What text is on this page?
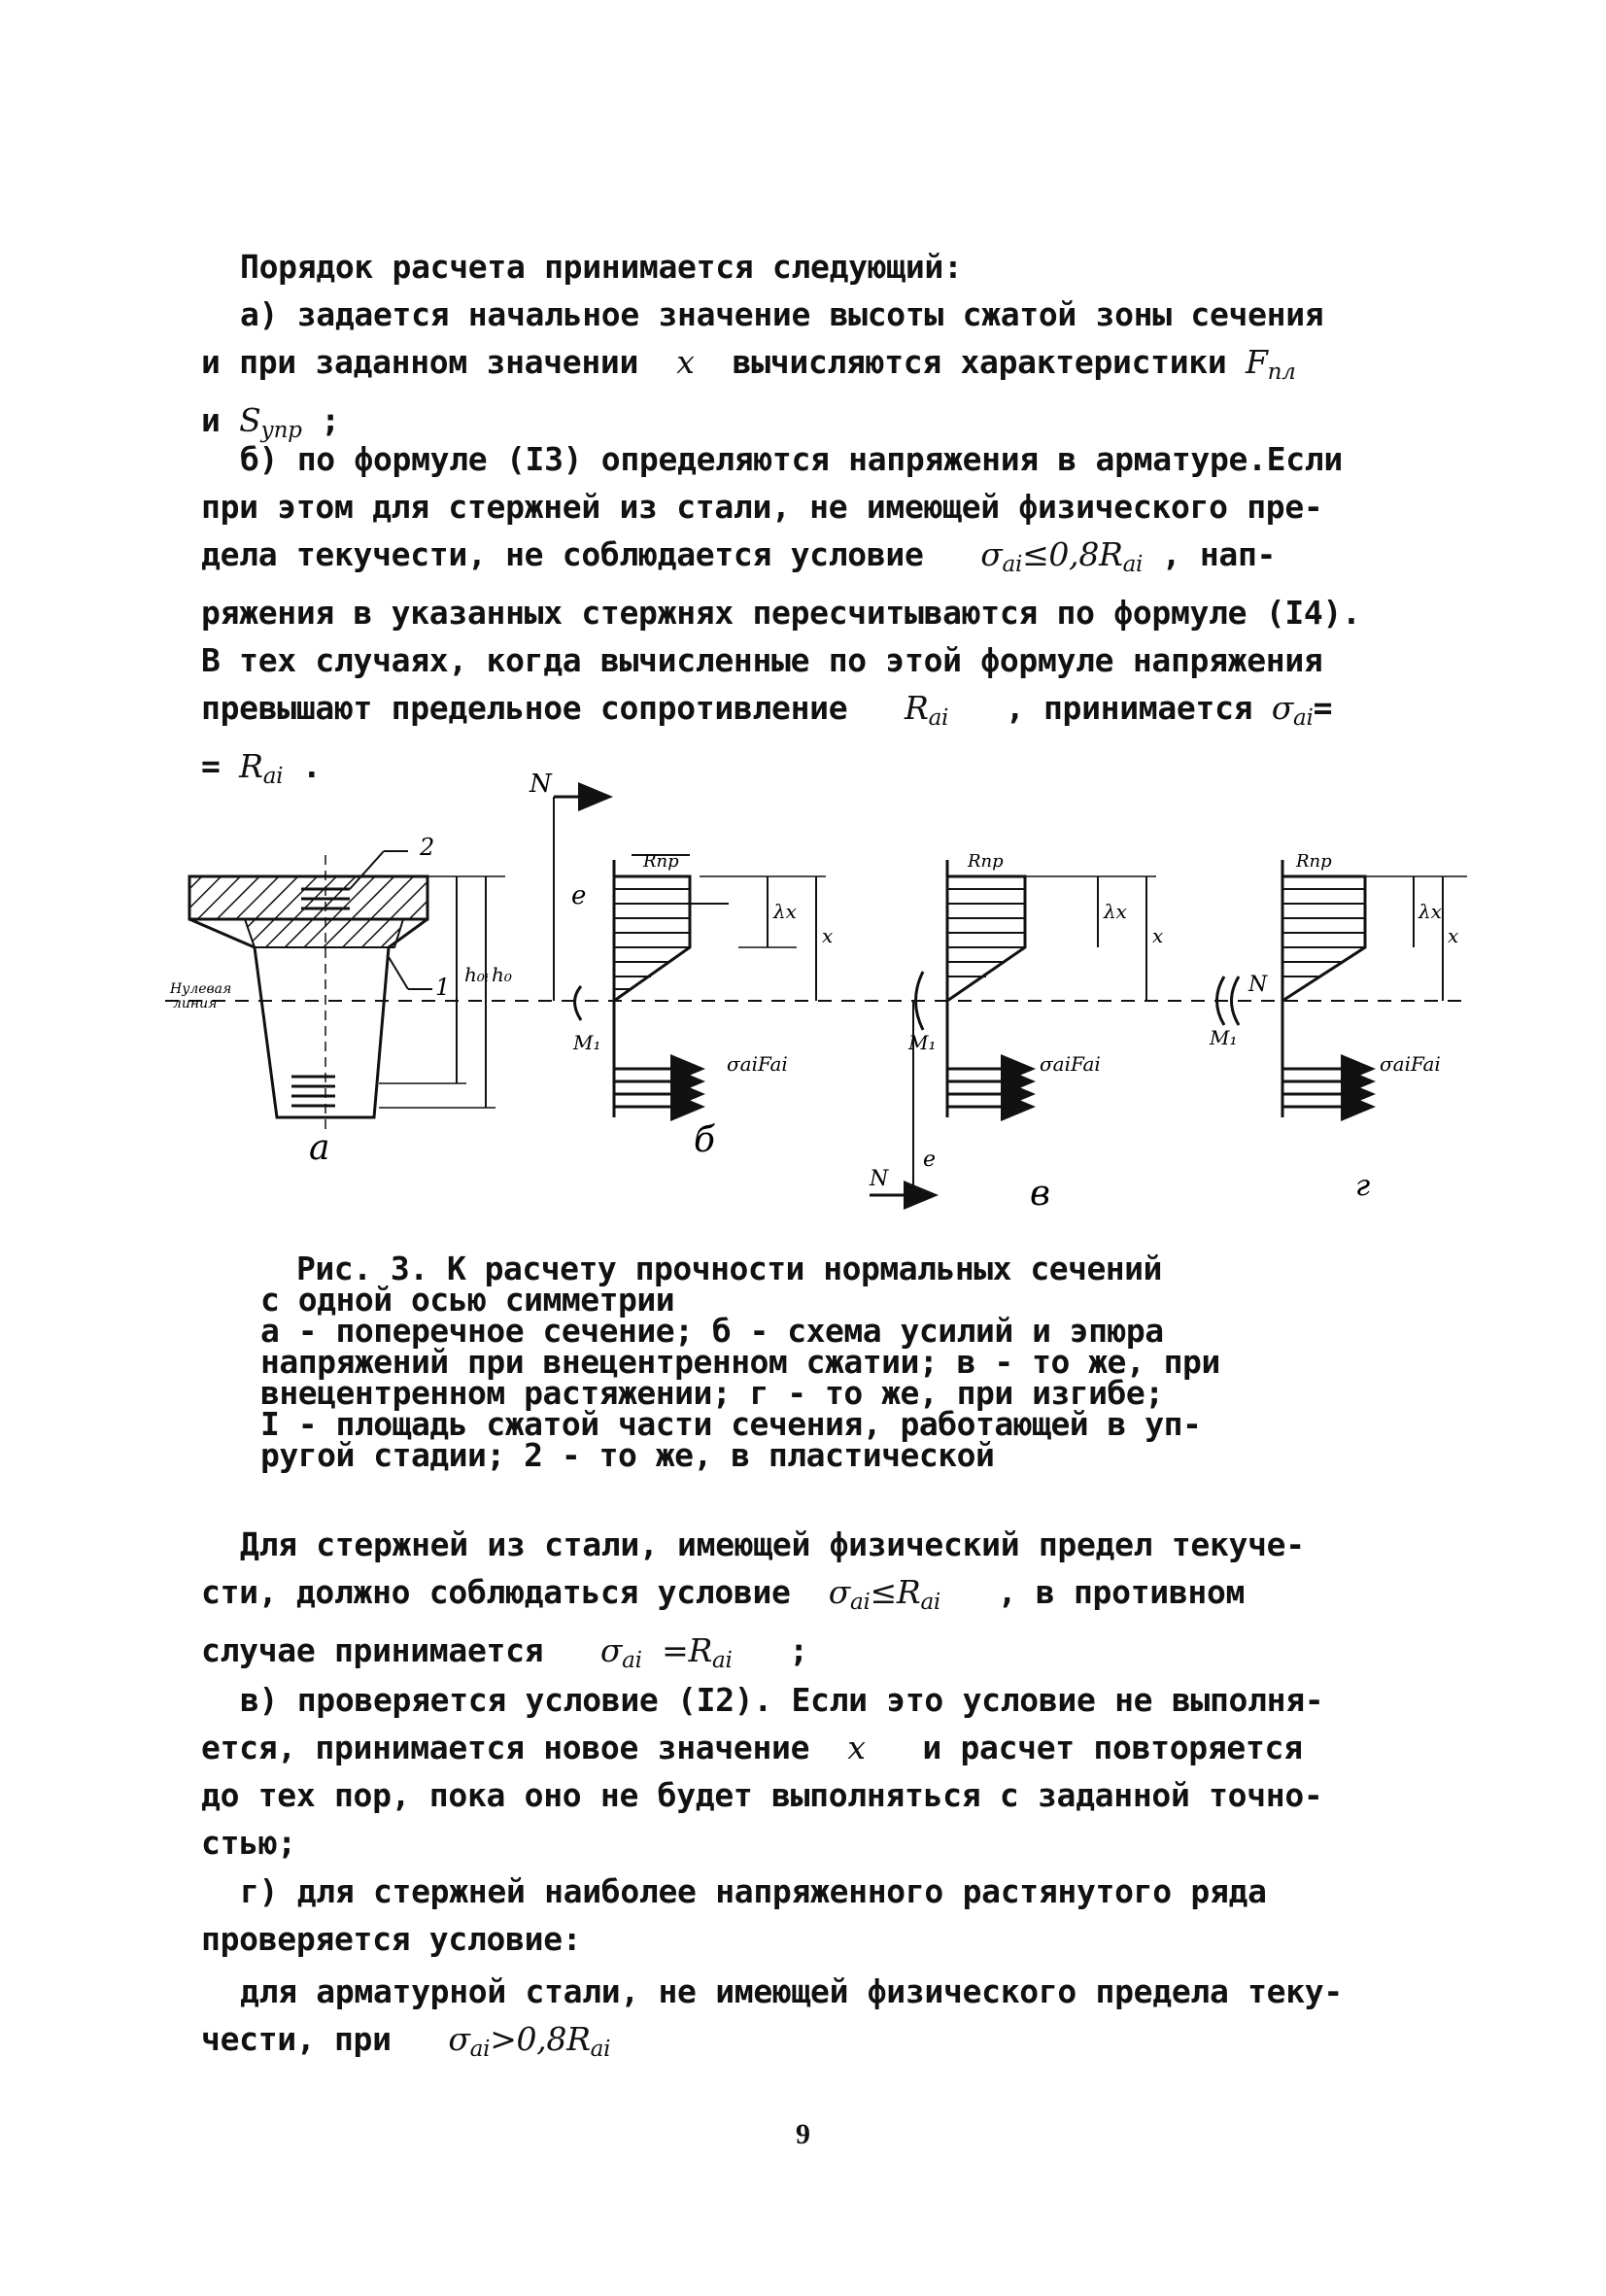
Порядок расчета принимается следующий:
а) задается начальное значение высоты сжатой зоны сечения
и при заданном значении x вычисляются характеристики $F_{пл}$
и $S_{упр}$ ;
б) по формуле (I3) определяются напряжения в арматуре.Если
при этом для стержней из стали, не имеющей физического пре-
дела текучести, не соблюдается условие $\sigma_{ai}\le 0,8R_{ai}$ , нап-
ряжения в указанных стержнях пересчитываются по формуле (I4).
В тех случаях, когда вычисленные по этой формуле напряжения
превышают предельное сопротивление $R_{ai}$ , принимается $\sigma_{ai}=$
= $R_{ai}$ .	N
e
2
1
Нулевая
линия
h₀ᵢ h₀
Rпр	Rпр	Rпр
λx
x
λx
x
λx
x
M₁	M₁	M₁
N
σaiFai	σaiFai	σaiFai
N
e
а	б
в	г
Рис. 3. К расчету прочности нормальных сечений
с одной осью симметрии
а - поперечное сечение; б - схема усилий и эпюра
напряжений при внецентренном сжатии; в - то же, при
внецентренном растяжении; г - то же, при изгибе;
I - площадь сжатой части сечения, работающей в уп-
ругой стадии; 2 - то же, в пластической
Для стержней из стали, имеющей физический предел текуче-
сти, должно соблюдаться условие $\sigma_{ai}\le R_{ai}$ , в противном
случае принимается $\sigma_{ai} =R_{ai}$ ;
в) проверяется условие (I2). Если это условие не выполня-
ется, принимается новое значение x и расчет повторяется
до тех пор, пока оно не будет выполняться с заданной точно-
стью;
г) для стержней наиболее напряженного растянутого ряда
проверяется условие:
для арматурной стали, не имеющей физического предела теку-
чести, при $\sigma_{ai}>0,8R_{ai}$
9
